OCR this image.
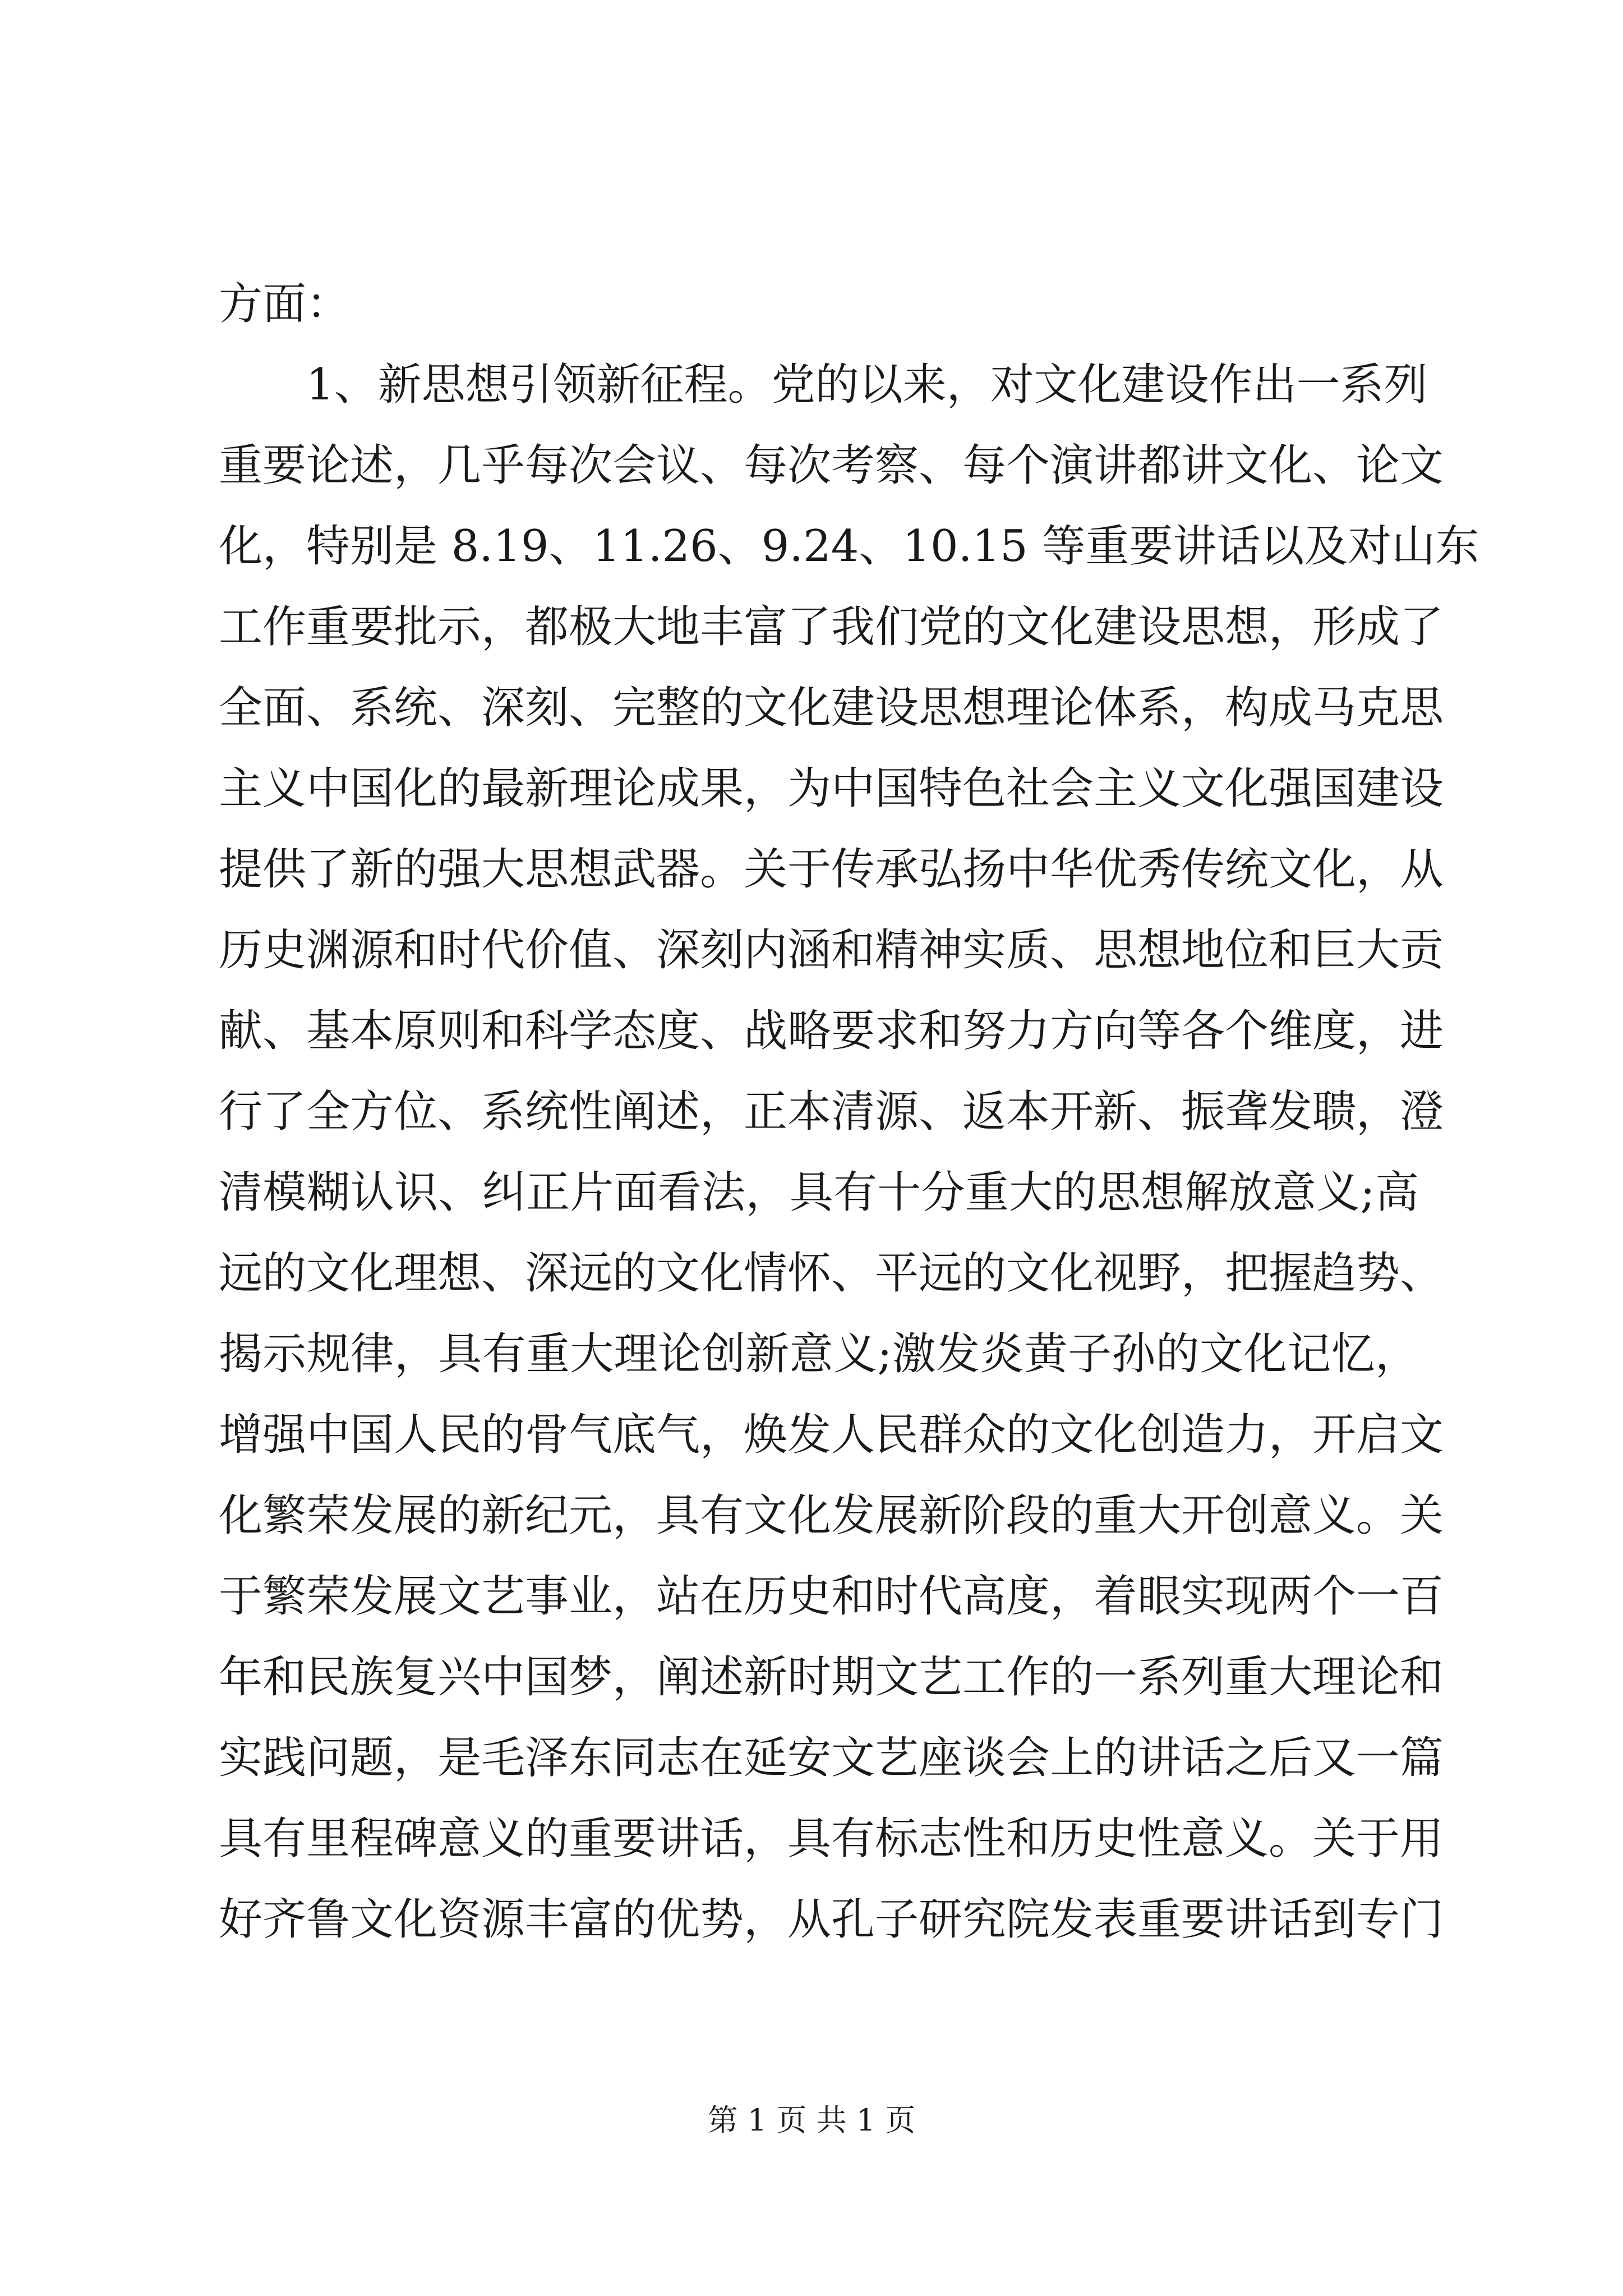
方面：
1、新思想引领新征程。党的以来，对文化建设作出一系列
重要论述，几乎每次会议、每次考察、每个演讲都讲文化、论文
化，特别是 8.19、11.26、9.24、10.15 等重要讲话以及对山东
工作重要批示，都极大地丰富了我们党的文化建设思想，形成了
全面、系统、深刻、完整的文化建设思想理论体系，构成马克思
主义中国化的最新理论成果，为中国特色社会主义文化强国建设
提供了新的强大思想武器。关于传承弘扬中华优秀传统文化，从
历史渊源和时代价值、深刻内涵和精神实质、思想地位和巨大贡
献、基本原则和科学态度、战略要求和努力方向等各个维度，进
行了全方位、系统性阐述，正本清源、返本开新、振聋发聩，澄
清模糊认识、纠正片面看法，具有十分重大的思想解放意义;高
远的文化理想、深远的文化情怀、平远的文化视野，把握趋势、
揭示规律，具有重大理论创新意义;激发炎黄子孙的文化记忆，
增强中国人民的骨气底气，焕发人民群众的文化创造力，开启文
化繁荣发展的新纪元，具有文化发展新阶段的重大开创意义。关
于繁荣发展文艺事业，站在历史和时代高度，着眼实现两个一百
年和民族复兴中国梦，阐述新时期文艺工作的一系列重大理论和
实践问题，是毛泽东同志在延安文艺座谈会上的讲话之后又一篇
具有里程碑意义的重要讲话，具有标志性和历史性意义。关于用
好齐鲁文化资源丰富的优势，从孔子研究院发表重要讲话到专门
第 1 页 共 1 页
